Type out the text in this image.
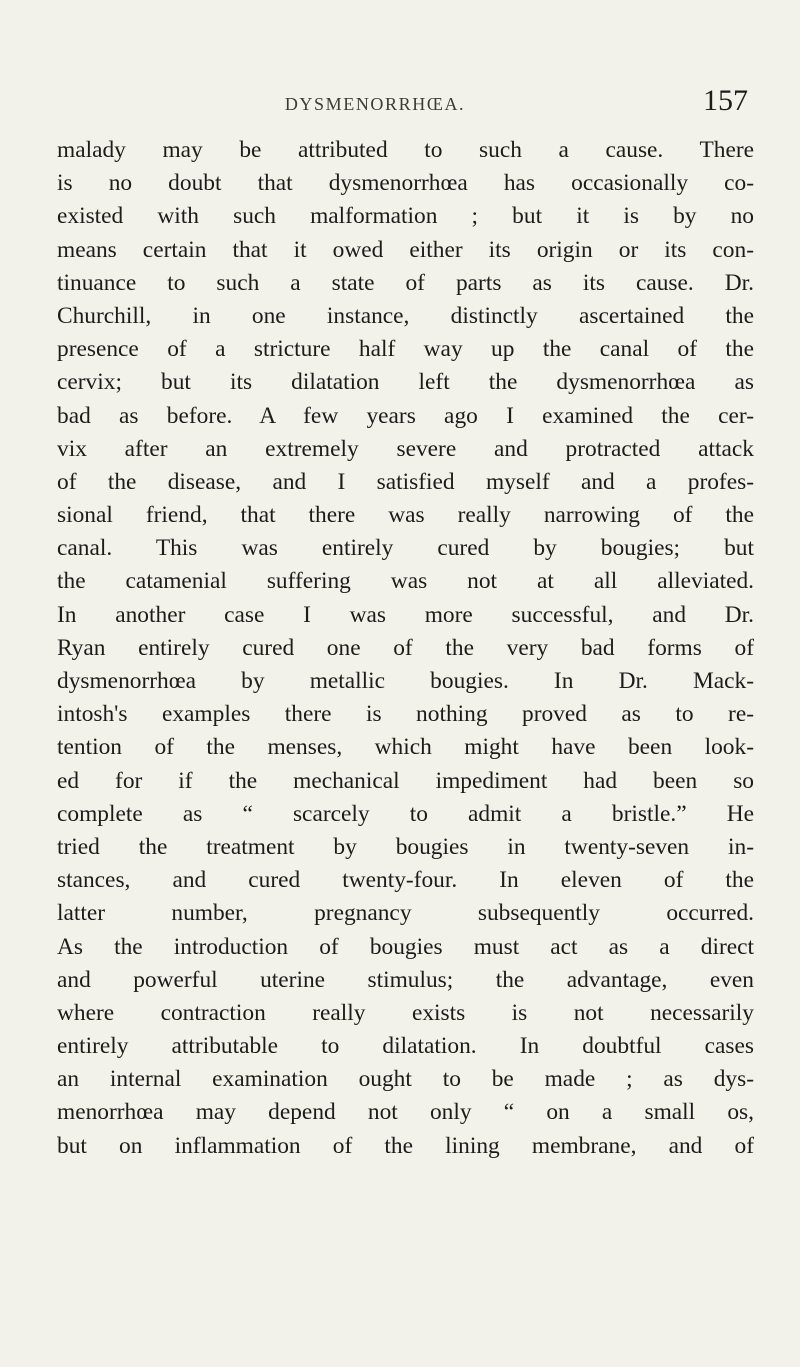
DYSMENORRHŒA.	157
malady may be attributed to such a cause. There
is no doubt that dysmenorrhœa has occasionally co-
existed with such malformation ; but it is by no
means certain that it owed either its origin or its con-
tinuance to such a state of parts as its cause. Dr.
Churchill, in one instance, distinctly ascertained the
presence of a stricture half way up the canal of the
cervix; but its dilatation left the dysmenorrhœa as
bad as before. A few years ago I examined the cer-
vix after an extremely severe and protracted attack
of the disease, and I satisfied myself and a profes-
sional friend, that there was really narrowing of the
canal. This was entirely cured by bougies; but
the catamenial suffering was not at all alleviated.
In another case I was more successful, and Dr.
Ryan entirely cured one of the very bad forms of
dysmenorrhœa by metallic bougies. In Dr. Mack-
intosh's examples there is nothing proved as to re-
tention of the menses, which might have been look-
ed for if the mechanical impediment had been so
complete as “ scarcely to admit a bristle.” He
tried the treatment by bougies in twenty-seven in-
stances, and cured twenty-four. In eleven of the
latter number, pregnancy subsequently occurred.
As the introduction of bougies must act as a direct
and powerful uterine stimulus; the advantage, even
where contraction really exists is not necessarily
entirely attributable to dilatation. In doubtful cases
an internal examination ought to be made ; as dys-
menorrhœa may depend not only “ on a small os,
but on inflammation of the lining membrane, and of
